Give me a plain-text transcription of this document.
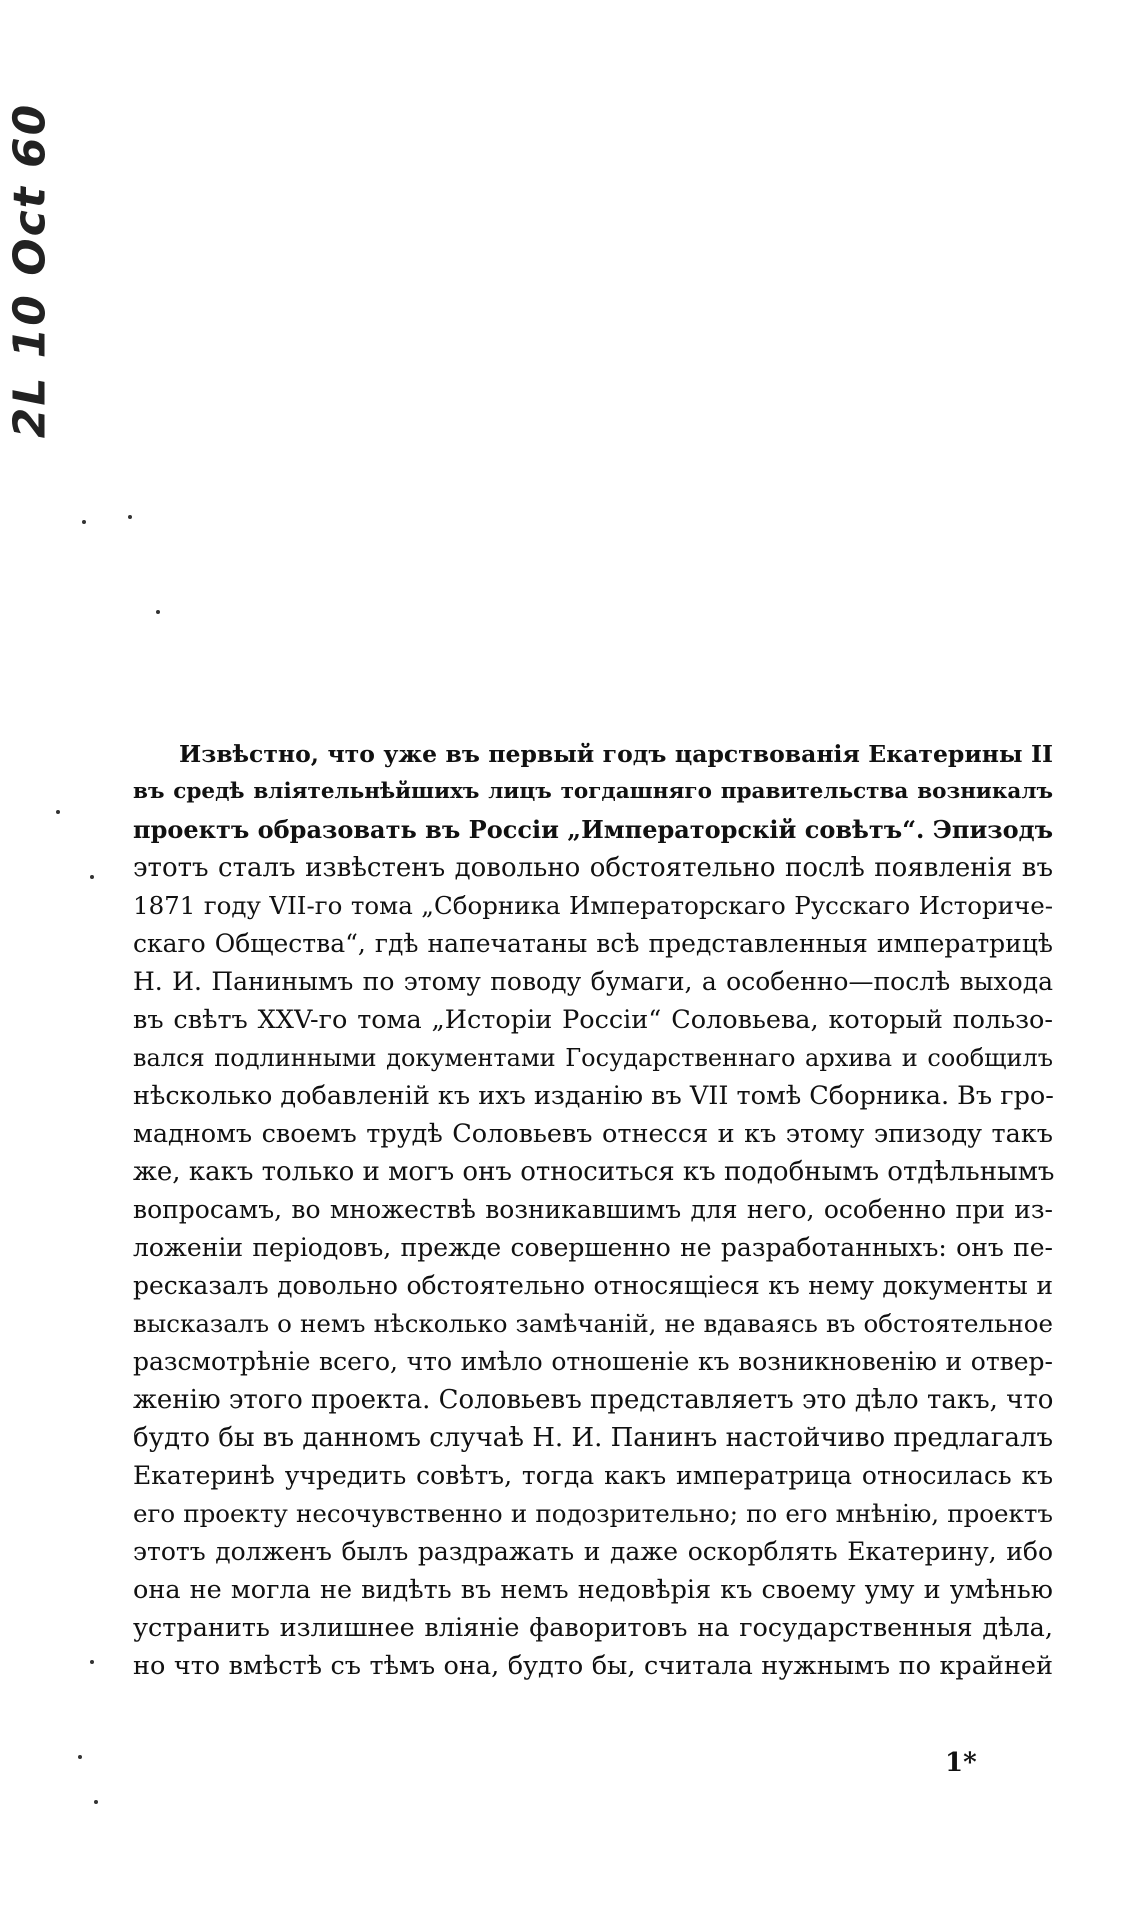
2L 10 Oct 60
Извѣстно, что уже въ первый годъ царствованія Екатерины II
въ средѣ вліятельнѣйшихъ лицъ тогдашняго правительства возникалъ
проектъ образовать въ Россіи „Императорскій совѣтъ“. Эпизодъ
этотъ сталъ извѣстенъ довольно обстоятельно послѣ появленія въ
1871 году VII-го тома „Сборника Императорскаго Русскаго Историче-
скаго Общества“, гдѣ напечатаны всѣ представленныя императрицѣ
Н. И. Панинымъ по этому поводу бумаги, а особенно—послѣ выхода
въ свѣтъ XXV-го тома „Исторіи Россіи“ Соловьева, который пользо-
вался подлинными документами Государственнаго архива и сообщилъ
нѣсколько добавленій къ ихъ изданію въ VII томѣ Сборника. Въ гро-
мадномъ своемъ трудѣ Соловьевъ отнесся и къ этому эпизоду такъ
же, какъ только и могъ онъ относиться къ подобнымъ отдѣльнымъ
вопросамъ, во множествѣ возникавшимъ для него, особенно при из-
ложеніи періодовъ, прежде совершенно не разработанныхъ: онъ пе-
ресказалъ довольно обстоятельно относящіеся къ нему документы и
высказалъ о немъ нѣсколько замѣчаній, не вдаваясь въ обстоятельное
разсмотрѣніе всего, что имѣло отношеніе къ возникновенію и отвер-
женію этого проекта. Соловьевъ представляетъ это дѣло такъ, что
будто бы въ данномъ случаѣ Н. И. Панинъ настойчиво предлагалъ
Екатеринѣ учредить совѣтъ, тогда какъ императрица относилась къ
его проекту несочувственно и подозрительно; по его мнѣнію, проектъ
этотъ долженъ былъ раздражать и даже оскорблять Екатерину, ибо
она не могла не видѣть въ немъ недовѣрія къ своему уму и умѣнью
устранить излишнее вліяніе фаворитовъ на государственныя дѣла,
но что вмѣстѣ съ тѣмъ она, будто бы, считала нужнымъ по крайней
1*
